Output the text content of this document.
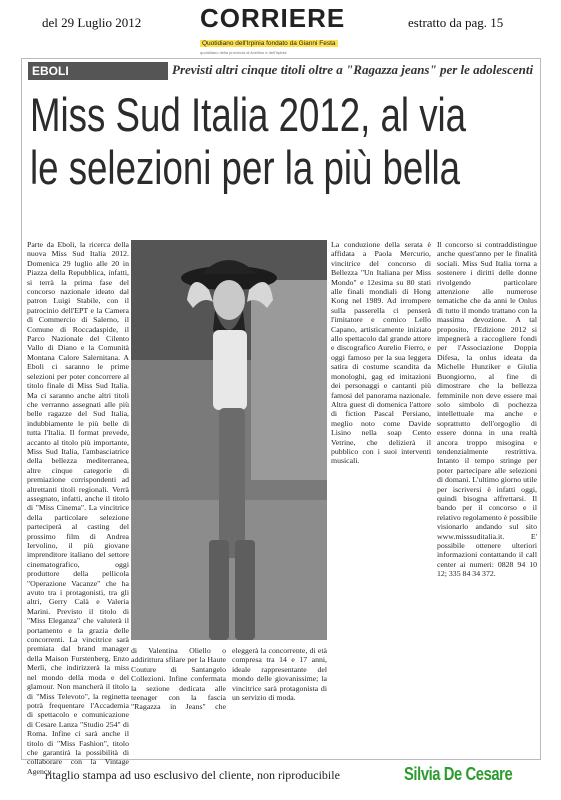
del 29 Luglio 2012 CORRIERE
Quotidiano dell'Irpinia fondato da Gianni Festa
quotidiano della provincia di Avellino e dell'Irpinia
estratto da pag. 15
EBOLI	Previsti altri cinque titoli oltre a "Ragazza jeans" per le adolescenti
Miss Sud Italia 2012, al via
le selezioni per la più bella

Parte da Eboli, la ricerca della nuova Miss Sud Italia 2012. Domenica 29 luglio alle 20 in Piazza della Repubblica, infatti, si terrà la prima fase del concorso nazionale ideato dal patron Luigi Stabile, con il patrocinio dell'EPT e la Camera di Commercio di Salerno, il Comune di Roccadaspide, il Parco Nazionale del Cilento Vallo di Diano e la Comunità Montana Calore Salernitana. A Eboli ci saranno le prime selezioni per poter concorrere al titolo finale di Miss Sud Italia. Ma ci saranno anche altri titoli che verranno assegnati alle più belle ragazze del Sud Italia, indubbiamente le più belle di tutta l'Italia. Il format prevede, accanto al titolo più importante, Miss Sud Italia, l'ambasciatrice della bellezza mediterranea, altre cinque categorie di premiazione corrispondenti ad altrettanti titoli regionali. Verrà assegnato, infatti, anche il titolo di "Miss Cinema". La vincitrice della particolare selezione parteciperà al casting del prossimo film di Andrea Iervolino, il più giovane imprenditore italiano del settore cinematografico, oggi produttore della pellicola "Operazione Vacanze" che ha avuto tra i protagonisti, tra gli altri, Gerry Calà e Valeria Marini. Previsto il titolo di "Miss Eleganza" che valuterà il portamento e la grazia delle concorrenti. La vincitrice sarà premiata dal brand manager della Maison Furstenberg, Enzo Merli, che indirizzerà la miss nel mondo della moda e del glamour. Non mancherà il titolo di "Miss Televoto", la reginetta potrà frequentare l'Accademia di spettacolo e comunicazione di Cesare Lanza "Studio 254" di Roma. Infine ci sarà anche il titolo di "Miss Fashion", titolo che garantirà la possibilità di collaborare con la Vintage Agency

di Valentina Oliello o addirittura sfilare per la Haute Couture di Santangelo Collezioni. Infine confermata la sezione dedicata alle teenager con la fascia "Ragazza in Jeans" che eleggerà la concorrente, di età compresa tra 14 e 17 anni, ideale rappresentante del mondo delle giovanissime; la vincitrice sarà protagonista di un servizio di moda.

La conduzione della serata è affidata a Paola Mercurio, vincitrice del concorso di Bellezza "Un Italiana per Miss Mondo" e 12esima su 80 stati alle finali mondiali di Hong Kong nel 1989. Ad irrompere sulla passerella ci penserà l'imitatore e comico Lello Capano, artisticamente iniziato allo spettacolo dal grande attore e discografico Aurelio Fierro, e oggi famoso per la sua leggera satira di costume scandita da monologhi, gag ed imitazioni dei personaggi e cantanti più famosi del panorama nazionale. Altra guest di domenica l'attore di fiction Pascal Persiano, meglio noto come Davide Lisino nella soap Cento Vetrine, che delizierà il pubblico con i suoi interventi musicali.

Il concorso si contraddistingue anche quest'anno per le finalità sociali. Miss Sud Italia torna a sostenere i diritti delle donne rivolgendo particolare attenzione alle numerose tematiche che da anni le Onlus di tutto il mondo trattano con la massima devozione. A tal proposito, l'Edizione 2012 si impegnerà a raccogliere fondi per l'Associazione Doppia Difesa, la onlus ideata da Michelle Hunziker e Giulia Buongiorno, al fine di dimostrare che la bellezza femminile non deve essere mai solo simbolo di pochezza intellettuale ma anche e soprattutto dell'orgoglio di essere donna in una realtà ancora troppo misogina e tendenzialmente restrittiva. Intanto il tempo stringe per poter partecipare alle selezioni di domani. L'ultimo giorno utile per iscriversi è infatti oggi, quindi bisogna affrettarsi. Il bando per il concorso e il relativo regolamento è possibile visionarlo andando sul sito www.misssuditalia.it. E' possibile ottenere ulteriori informazioni contattando il call center ai numeri: 0828 94 10 12; 335 84 34 372.

ritaglio stampa ad uso esclusivo del cliente, non riproducibile	Silvia De Cesare
